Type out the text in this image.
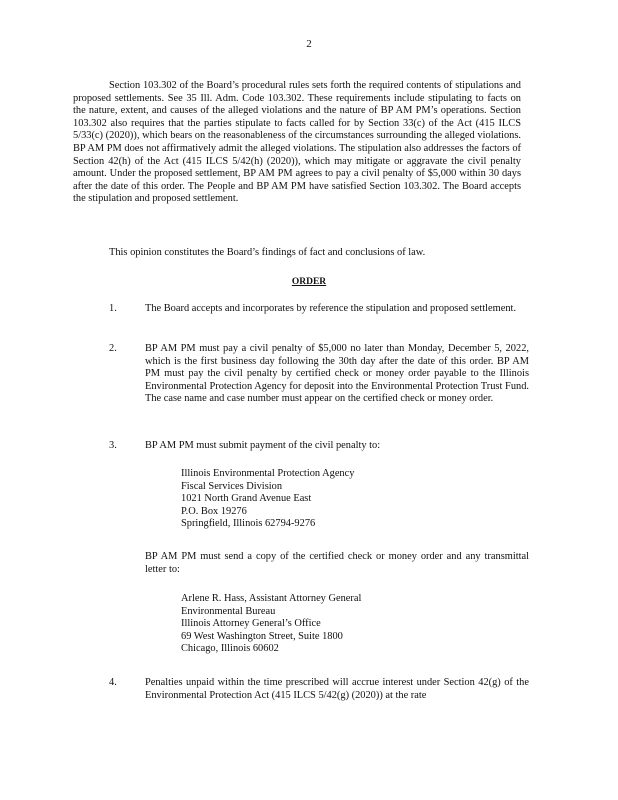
2
Section 103.302 of the Board’s procedural rules sets forth the required contents of stipulations and proposed settlements. See 35 Ill. Adm. Code 103.302. These requirements include stipulating to facts on the nature, extent, and causes of the alleged violations and the nature of BP AM PM’s operations. Section 103.302 also requires that the parties stipulate to facts called for by Section 33(c) of the Act (415 ILCS 5/33(c) (2020)), which bears on the reasonableness of the circumstances surrounding the alleged violations. BP AM PM does not affirmatively admit the alleged violations. The stipulation also addresses the factors of Section 42(h) of the Act (415 ILCS 5/42(h) (2020)), which may mitigate or aggravate the civil penalty amount. Under the proposed settlement, BP AM PM agrees to pay a civil penalty of $5,000 within 30 days after the date of this order. The People and BP AM PM have satisfied Section 103.302. The Board accepts the stipulation and proposed settlement.
This opinion constitutes the Board’s findings of fact and conclusions of law.
ORDER
1.	The Board accepts and incorporates by reference the stipulation and proposed settlement.
2.	BP AM PM must pay a civil penalty of $5,000 no later than Monday, December 5, 2022, which is the first business day following the 30th day after the date of this order. BP AM PM must pay the civil penalty by certified check or money order payable to the Illinois Environmental Protection Agency for deposit into the Environmental Protection Trust Fund. The case name and case number must appear on the certified check or money order.
3.	BP AM PM must submit payment of the civil penalty to:
Illinois Environmental Protection Agency
Fiscal Services Division
1021 North Grand Avenue East
P.O. Box 19276
Springfield, Illinois 62794-9276
BP AM PM must send a copy of the certified check or money order and any transmittal letter to:
Arlene R. Hass, Assistant Attorney General
Environmental Bureau
Illinois Attorney General’s Office
69 West Washington Street, Suite 1800
Chicago, Illinois 60602
4.	Penalties unpaid within the time prescribed will accrue interest under Section 42(g) of the Environmental Protection Act (415 ILCS 5/42(g) (2020)) at the rate
